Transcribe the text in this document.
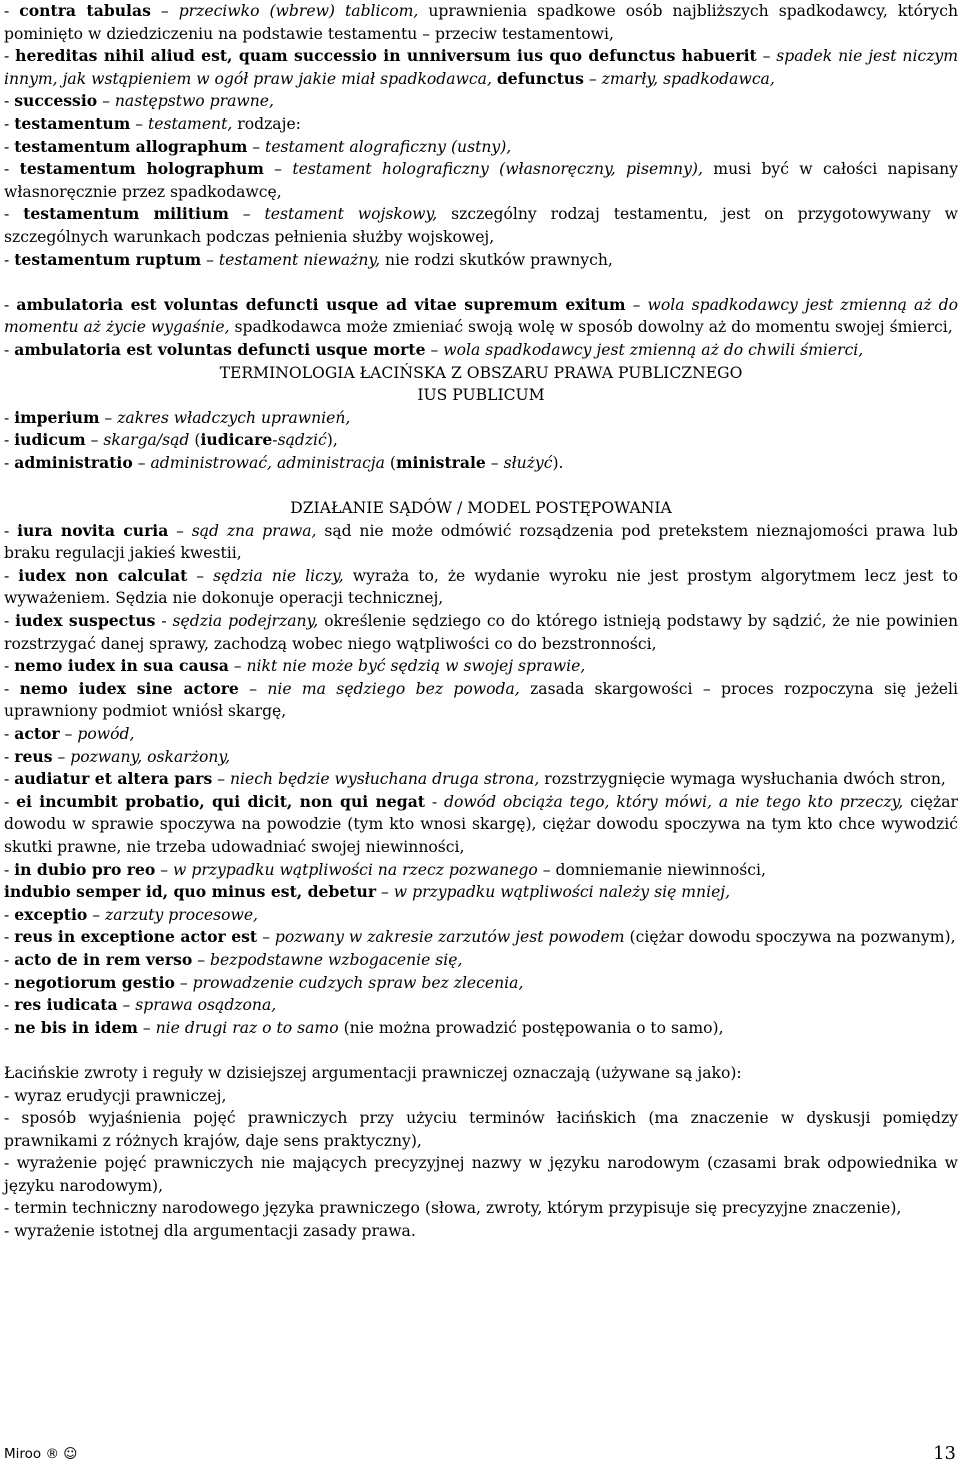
- contra tabulas – przeciwko (wbrew) tablicom, uprawnienia spadkowe osób najbliższych spadkodawcy, których pominięto w dziedziczeniu na podstawie testamentu – przeciw testamentowi,

- hereditas nihil aliud est, quam successio in unniversum ius quo defunctus habuerit – spadek nie jest niczym innym, jak wstąpieniem w ogół praw jakie miał spadkodawca, defunctus – zmarły, spadkodawca,

- successio – następstwo prawne,

- testamentum – testament, rodzaje:

- testamentum allographum – testament alograficzny (ustny),

- testamentum holographum – testament holograficzny (własnoręczny, pisemny), musi być w całości napisany własnoręcznie przez spadkodawcę,

- testamentum militium – testament wojskowy, szczególny rodzaj testamentu, jest on przygotowywany w szczególnych warunkach podczas pełnienia służby wojskowej,

- testamentum ruptum – testament nieważny, nie rodzi skutków prawnych,

- ambulatoria est voluntas defuncti usque ad vitae supremum exitum – wola spadkodawcy jest zmienną aż do momentu aż życie wygaśnie, spadkodawca może zmieniać swoją wolę w sposób dowolny aż do momentu swojej śmierci,

- ambulatoria est voluntas defuncti usque morte – wola spadkodawcy jest zmienną aż do chwili śmierci,

TERMINOLOGIA ŁACIŃSKA Z OBSZARU PRAWA PUBLICZNEGO

IUS PUBLICUM

- imperium – zakres władczych uprawnień,

- iudicum – skarga/sąd (iudicare-sądzić),

- administratio – administrować, administracja (ministrale – służyć).

DZIAŁANIE SĄDÓW / MODEL POSTĘPOWANIA

- iura novita curia – sąd zna prawa, sąd nie może odmówić rozsądzenia pod pretekstem nieznajomości prawa lub braku regulacji jakieś kwestii,

- iudex non calculat – sędzia nie liczy, wyraża to, że wydanie wyroku nie jest prostym algorytmem lecz jest to wyważeniem. Sędzia nie dokonuje operacji technicznej,

- iudex suspectus - sędzia podejrzany, określenie sędziego co do którego istnieją podstawy by sądzić, że nie powinien rozstrzygać danej sprawy, zachodzą wobec niego wątpliwości co do bezstronności,

- nemo iudex in sua causa – nikt nie może być sędzią w swojej sprawie,

- nemo iudex sine actore – nie ma sędziego bez powoda, zasada skargowości – proces rozpoczyna się jeżeli uprawniony podmiot wniósł skargę,

- actor – powód,

- reus – pozwany, oskarżony,

- audiatur et altera pars – niech będzie wysłuchana druga strona, rozstrzygnięcie wymaga wysłuchania dwóch stron,

- ei incumbit probatio, qui dicit, non qui negat - dowód obciąża tego, który mówi, a nie tego kto przeczy, ciężar dowodu w sprawie spoczywa na powodzie (tym kto wnosi skargę), ciężar dowodu spoczywa na tym kto chce wywodzić skutki prawne, nie trzeba udowadniać swojej niewinności,

- in dubio pro reo – w przypadku wątpliwości na rzecz pozwanego – domniemanie niewinności,

indubio semper id, quo minus est, debetur – w przypadku wątpliwości należy się mniej,

- exceptio – zarzuty procesowe,

- reus in exceptione actor est – pozwany w zakresie zarzutów jest powodem (ciężar dowodu spoczywa na pozwanym),

- acto de in rem verso – bezpodstawne wzbogacenie się,

- negotiorum gestio – prowadzenie cudzych spraw bez zlecenia,

- res iudicata – sprawa osądzona,

- ne bis in idem – nie drugi raz o to samo (nie można prowadzić postępowania o to samo),

Łacińskie zwroty i reguły w dzisiejszej argumentacji prawniczej oznaczają (używane są jako):

- wyraz erudycji prawniczej,

- sposób wyjaśnienia pojęć prawniczych przy użyciu terminów łacińskich (ma znaczenie w dyskusji pomiędzy prawnikami z różnych krajów, daje sens praktyczny),

- wyrażenie pojęć prawniczych nie mających precyzyjnej nazwy w języku narodowym (czasami brak odpowiednika w języku narodowym),

- termin techniczny narodowego języka prawniczego (słowa, zwroty, którym przypisuje się precyzyjne znaczenie),

- wyrażenie istotnej dla argumentacji zasady prawa.

Miroo ® ☺	13
